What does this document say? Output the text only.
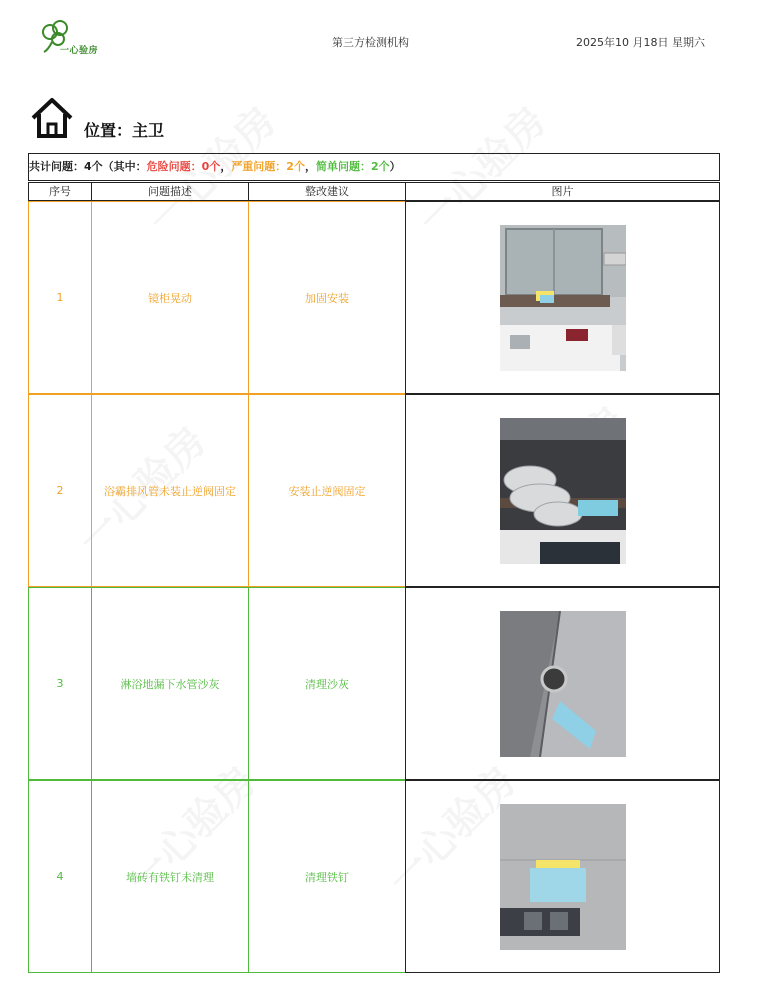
一心验房
第三方检测机构	2025年10 月18日 星期六
位置：主卫
共计问题：4个（其中：危险问题：0个，严重问题：2个，简单问题：2个）
序号	问题描述	整改建议	图片
1	镜柜晃动	加固安装
2	浴霸排风管未装止逆阀固定	安装止逆阀固定
3	淋浴地漏下水管沙灰	清理沙灰
4	墙砖有铁钉未清理	清理铁钉
